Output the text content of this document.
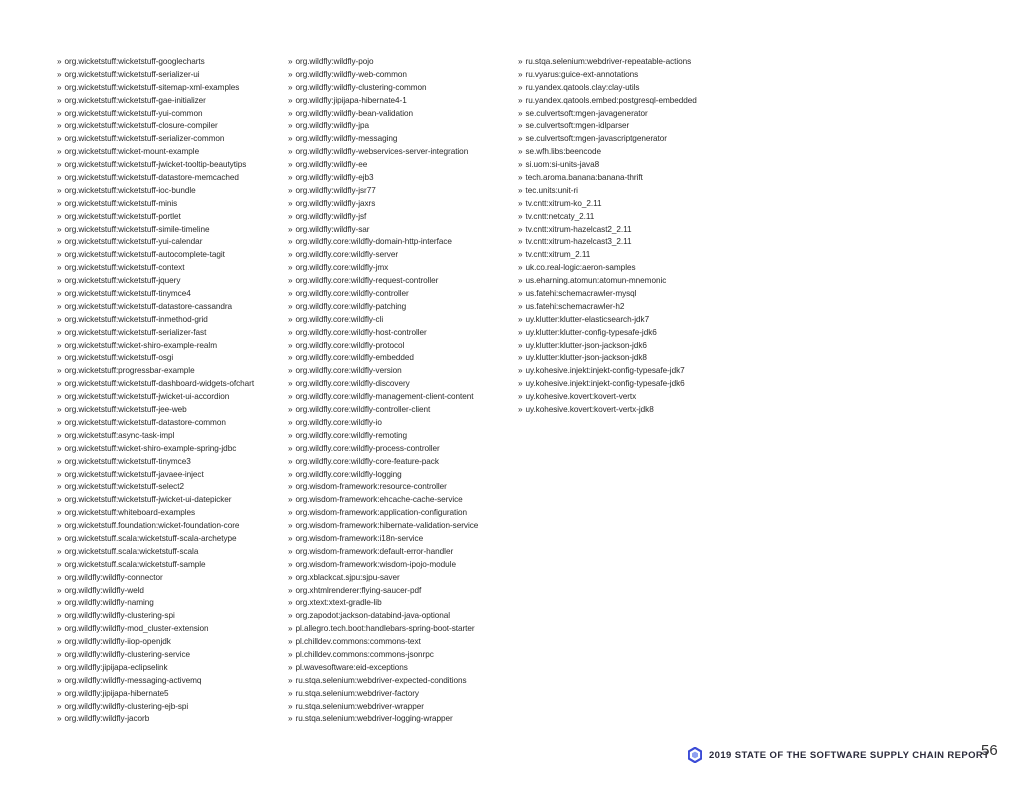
» org.wicketstuff:wicketstuff-googlecharts
» org.wicketstuff:wicketstuff-serializer-ui
» org.wicketstuff:wicketstuff-sitemap-xml-examples
» org.wicketstuff:wicketstuff-gae-initializer
» org.wicketstuff:wicketstuff-yui-common
» org.wicketstuff:wicketstuff-closure-compiler
» org.wicketstuff:wicketstuff-serializer-common
» org.wicketstuff:wicket-mount-example
» org.wicketstuff:wicketstuff-jwicket-tooltip-beautytips
» org.wicketstuff:wicketstuff-datastore-memcached
» org.wicketstuff:wicketstuff-ioc-bundle
» org.wicketstuff:wicketstuff-minis
» org.wicketstuff:wicketstuff-portlet
» org.wicketstuff:wicketstuff-simile-timeline
» org.wicketstuff:wicketstuff-yui-calendar
» org.wicketstuff:wicketstuff-autocomplete-tagit
» org.wicketstuff:wicketstuff-context
» org.wicketstuff:wicketstuff-jquery
» org.wicketstuff:wicketstuff-tinymce4
» org.wicketstuff:wicketstuff-datastore-cassandra
» org.wicketstuff:wicketstuff-inmethod-grid
» org.wicketstuff:wicketstuff-serializer-fast
» org.wicketstuff:wicket-shiro-example-realm
» org.wicketstuff:wicketstuff-osgi
» org.wicketstuff:progressbar-example
» org.wicketstuff:wicketstuff-dashboard-widgets-ofchart
» org.wicketstuff:wicketstuff-jwicket-ui-accordion
» org.wicketstuff:wicketstuff-jee-web
» org.wicketstuff:wicketstuff-datastore-common
» org.wicketstuff:async-task-impl
» org.wicketstuff:wicket-shiro-example-spring-jdbc
» org.wicketstuff:wicketstuff-tinymce3
» org.wicketstuff:wicketstuff-javaee-inject
» org.wicketstuff:wicketstuff-select2
» org.wicketstuff:wicketstuff-jwicket-ui-datepicker
» org.wicketstuff:whiteboard-examples
» org.wicketstuff.foundation:wicket-foundation-core
» org.wicketstuff.scala:wicketstuff-scala-archetype
» org.wicketstuff.scala:wicketstuff-scala
» org.wicketstuff.scala:wicketstuff-sample
» org.wildfly:wildfly-connector
» org.wildfly:wildfly-weld
» org.wildfly:wildfly-naming
» org.wildfly:wildfly-clustering-spi
» org.wildfly:wildfly-mod_cluster-extension
» org.wildfly:wildfly-iiop-openjdk
» org.wildfly:wildfly-clustering-service
» org.wildfly:jipijapa-eclipselink
» org.wildfly:wildfly-messaging-activemq
» org.wildfly:jipijapa-hibernate5
» org.wildfly:wildfly-clustering-ejb-spi
» org.wildfly:wildfly-jacorb
» org.wildfly:wildfly-pojo
» org.wildfly:wildfly-web-common
» org.wildfly:wildfly-clustering-common
» org.wildfly:jipijapa-hibernate4-1
» org.wildfly:wildfly-bean-validation
» org.wildfly:wildfly-jpa
» org.wildfly:wildfly-messaging
» org.wildfly:wildfly-webservices-server-integration
» org.wildfly:wildfly-ee
» org.wildfly:wildfly-ejb3
» org.wildfly:wildfly-jsr77
» org.wildfly:wildfly-jaxrs
» org.wildfly:wildfly-jsf
» org.wildfly:wildfly-sar
» org.wildfly.core:wildfly-domain-http-interface
» org.wildfly.core:wildfly-server
» org.wildfly.core:wildfly-jmx
» org.wildfly.core:wildfly-request-controller
» org.wildfly.core:wildfly-controller
» org.wildfly.core:wildfly-patching
» org.wildfly.core:wildfly-cli
» org.wildfly.core:wildfly-host-controller
» org.wildfly.core:wildfly-protocol
» org.wildfly.core:wildfly-embedded
» org.wildfly.core:wildfly-version
» org.wildfly.core:wildfly-discovery
» org.wildfly.core:wildfly-management-client-content
» org.wildfly.core:wildfly-controller-client
» org.wildfly.core:wildfly-io
» org.wildfly.core:wildfly-remoting
» org.wildfly.core:wildfly-process-controller
» org.wildfly.core:wildfly-core-feature-pack
» org.wildfly.core:wildfly-logging
» org.wisdom-framework:resource-controller
» org.wisdom-framework:ehcache-cache-service
» org.wisdom-framework:application-configuration
» org.wisdom-framework:hibernate-validation-service
» org.wisdom-framework:i18n-service
» org.wisdom-framework:default-error-handler
» org.wisdom-framework:wisdom-ipojo-module
» org.xblackcat.sjpu:sjpu-saver
» org.xhtmlrenderer:flying-saucer-pdf
» org.xtext:xtext-gradle-lib
» org.zapodot:jackson-databind-java-optional
» pl.allegro.tech.boot:handlebars-spring-boot-starter
» pl.chilldev.commons:commons-text
» pl.chilldev.commons:commons-jsonrpc
» pl.wavesoftware:eid-exceptions
» ru.stqa.selenium:webdriver-expected-conditions
» ru.stqa.selenium:webdriver-factory
» ru.stqa.selenium:webdriver-wrapper
» ru.stqa.selenium:webdriver-logging-wrapper
» ru.stqa.selenium:webdriver-repeatable-actions
» ru.vyarus:guice-ext-annotations
» ru.yandex.qatools.clay:clay-utils
» ru.yandex.qatools.embed:postgresql-embedded
» se.culvertsoft:mgen-javagenerator
» se.culvertsoft:mgen-idlparser
» se.culvertsoft:mgen-javascriptgenerator
» se.wfh.libs:beencode
» si.uom:si-units-java8
» tech.aroma.banana:banana-thrift
» tec.units:unit-ri
» tv.cntt:xitrum-ko_2.11
» tv.cntt:netcaty_2.11
» tv.cntt:xitrum-hazelcast2_2.11
» tv.cntt:xitrum-hazelcast3_2.11
» tv.cntt:xitrum_2.11
» uk.co.real-logic:aeron-samples
» us.eharning.atomun:atomun-mnemonic
» us.fatehi:schemacrawler-mysql
» us.fatehi:schemacrawler-h2
» uy.klutter:klutter-elasticsearch-jdk7
» uy.klutter:klutter-config-typesafe-jdk6
» uy.klutter:klutter-json-jackson-jdk6
» uy.klutter:klutter-json-jackson-jdk8
» uy.kohesive.injekt:injekt-config-typesafe-jdk7
» uy.kohesive.injekt:injekt-config-typesafe-jdk6
» uy.kohesive.kovert:kovert-vertx
» uy.kohesive.kovert:kovert-vertx-jdk8
2019 STATE OF THE SOFTWARE SUPPLY CHAIN REPORT
56
